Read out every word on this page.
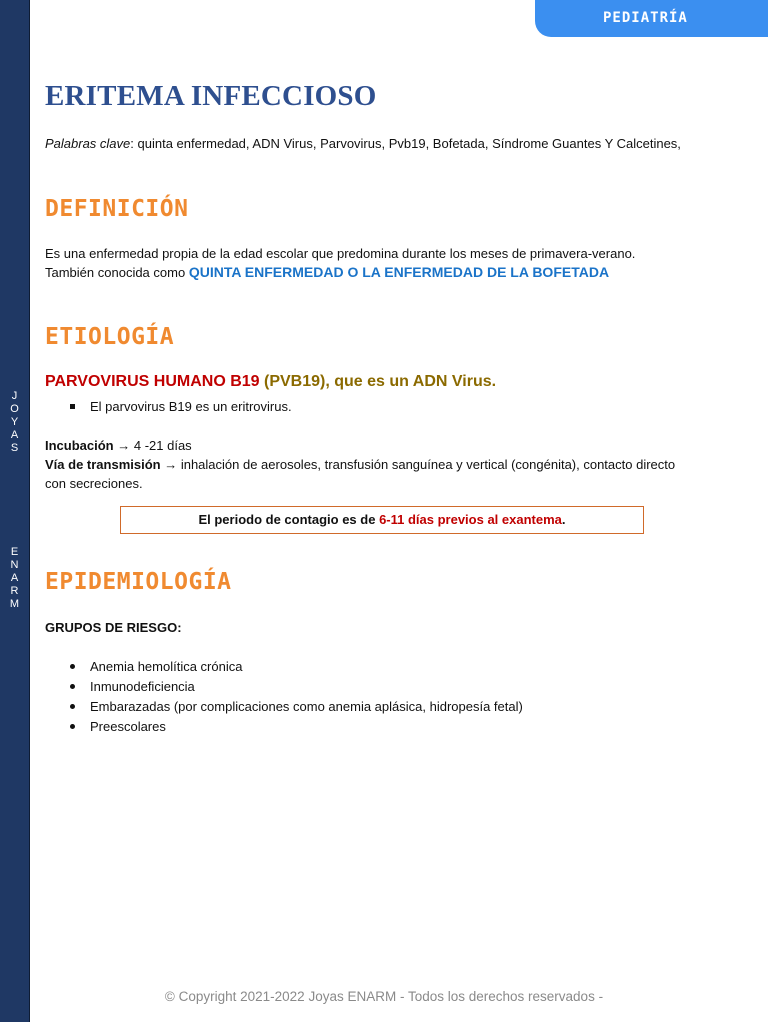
J
O
Y
A
S
E
N
A
R
M
PEDIATRÍA
ERITEMA INFECCIOSO
Palabras clave: quinta enfermedad, ADN Virus, Parvovirus, Pvb19, Bofetada, Síndrome Guantes Y Calcetines,
DEFINICIÓN
Es una enfermedad propia de la edad escolar que predomina durante los meses de primavera-verano.
También conocida como QUINTA ENFERMEDAD O LA ENFERMEDAD DE LA BOFETADA
ETIOLOGÍA
PARVOVIRUS HUMANO B19 (PVB19), que es un ADN Virus.
El parvovirus B19 es un eritrovirus.
Incubación → 4 -21 días
Vía de transmisión → inhalación de aerosoles, transfusión sanguínea y vertical (congénita), contacto directo
con secreciones.
El periodo de contagio es de 6-11 días previos al exantema.
EPIDEMIOLOGÍA
GRUPOS DE RIESGO:
Anemia hemolítica crónica
Inmunodeficiencia
Embarazadas (por complicaciones como anemia aplásica, hidropesía fetal)
Preescolares
© Copyright 2021-2022 Joyas ENARM - Todos los derechos reservados -
